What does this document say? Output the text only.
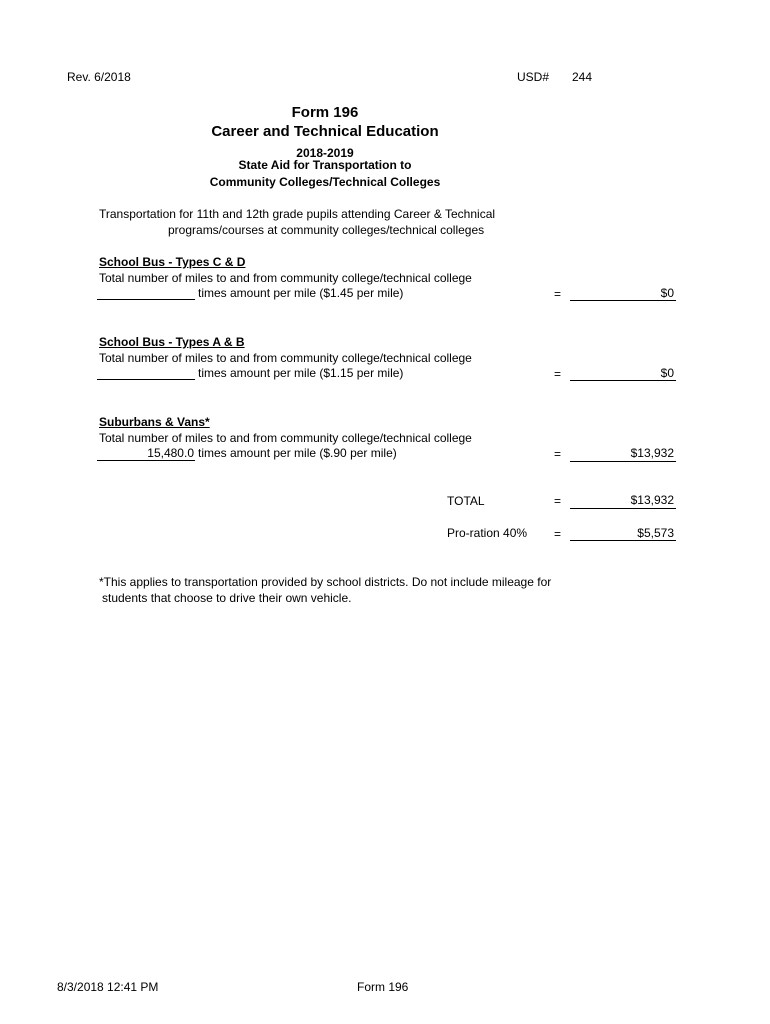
Rev. 6/2018	USD# 244
Form 196
Career and Technical Education
2018-2019
State Aid for Transportation to
Community Colleges/Technical Colleges
Transportation for 11th and 12th grade pupils attending Career & Technical
programs/courses at community colleges/technical colleges
School Bus - Types C & D
Total number of miles to and from community college/technical college
times amount per mile ($1.45 per mile)	=	$0
School Bus - Types A & B
Total number of miles to and from community college/technical college
times amount per mile ($1.15 per mile)	=	$0
Suburbans & Vans*
Total number of miles to and from community college/technical college
15,480.0 times amount per mile ($.90 per mile)	=	$13,932
TOTAL	=	$13,932
Pro-ration 40% =	$5,573
*This applies to transportation provided by school districts. Do not include mileage for
students that choose to drive their own vehicle.
8/3/2018 12:41 PM	Form 196
